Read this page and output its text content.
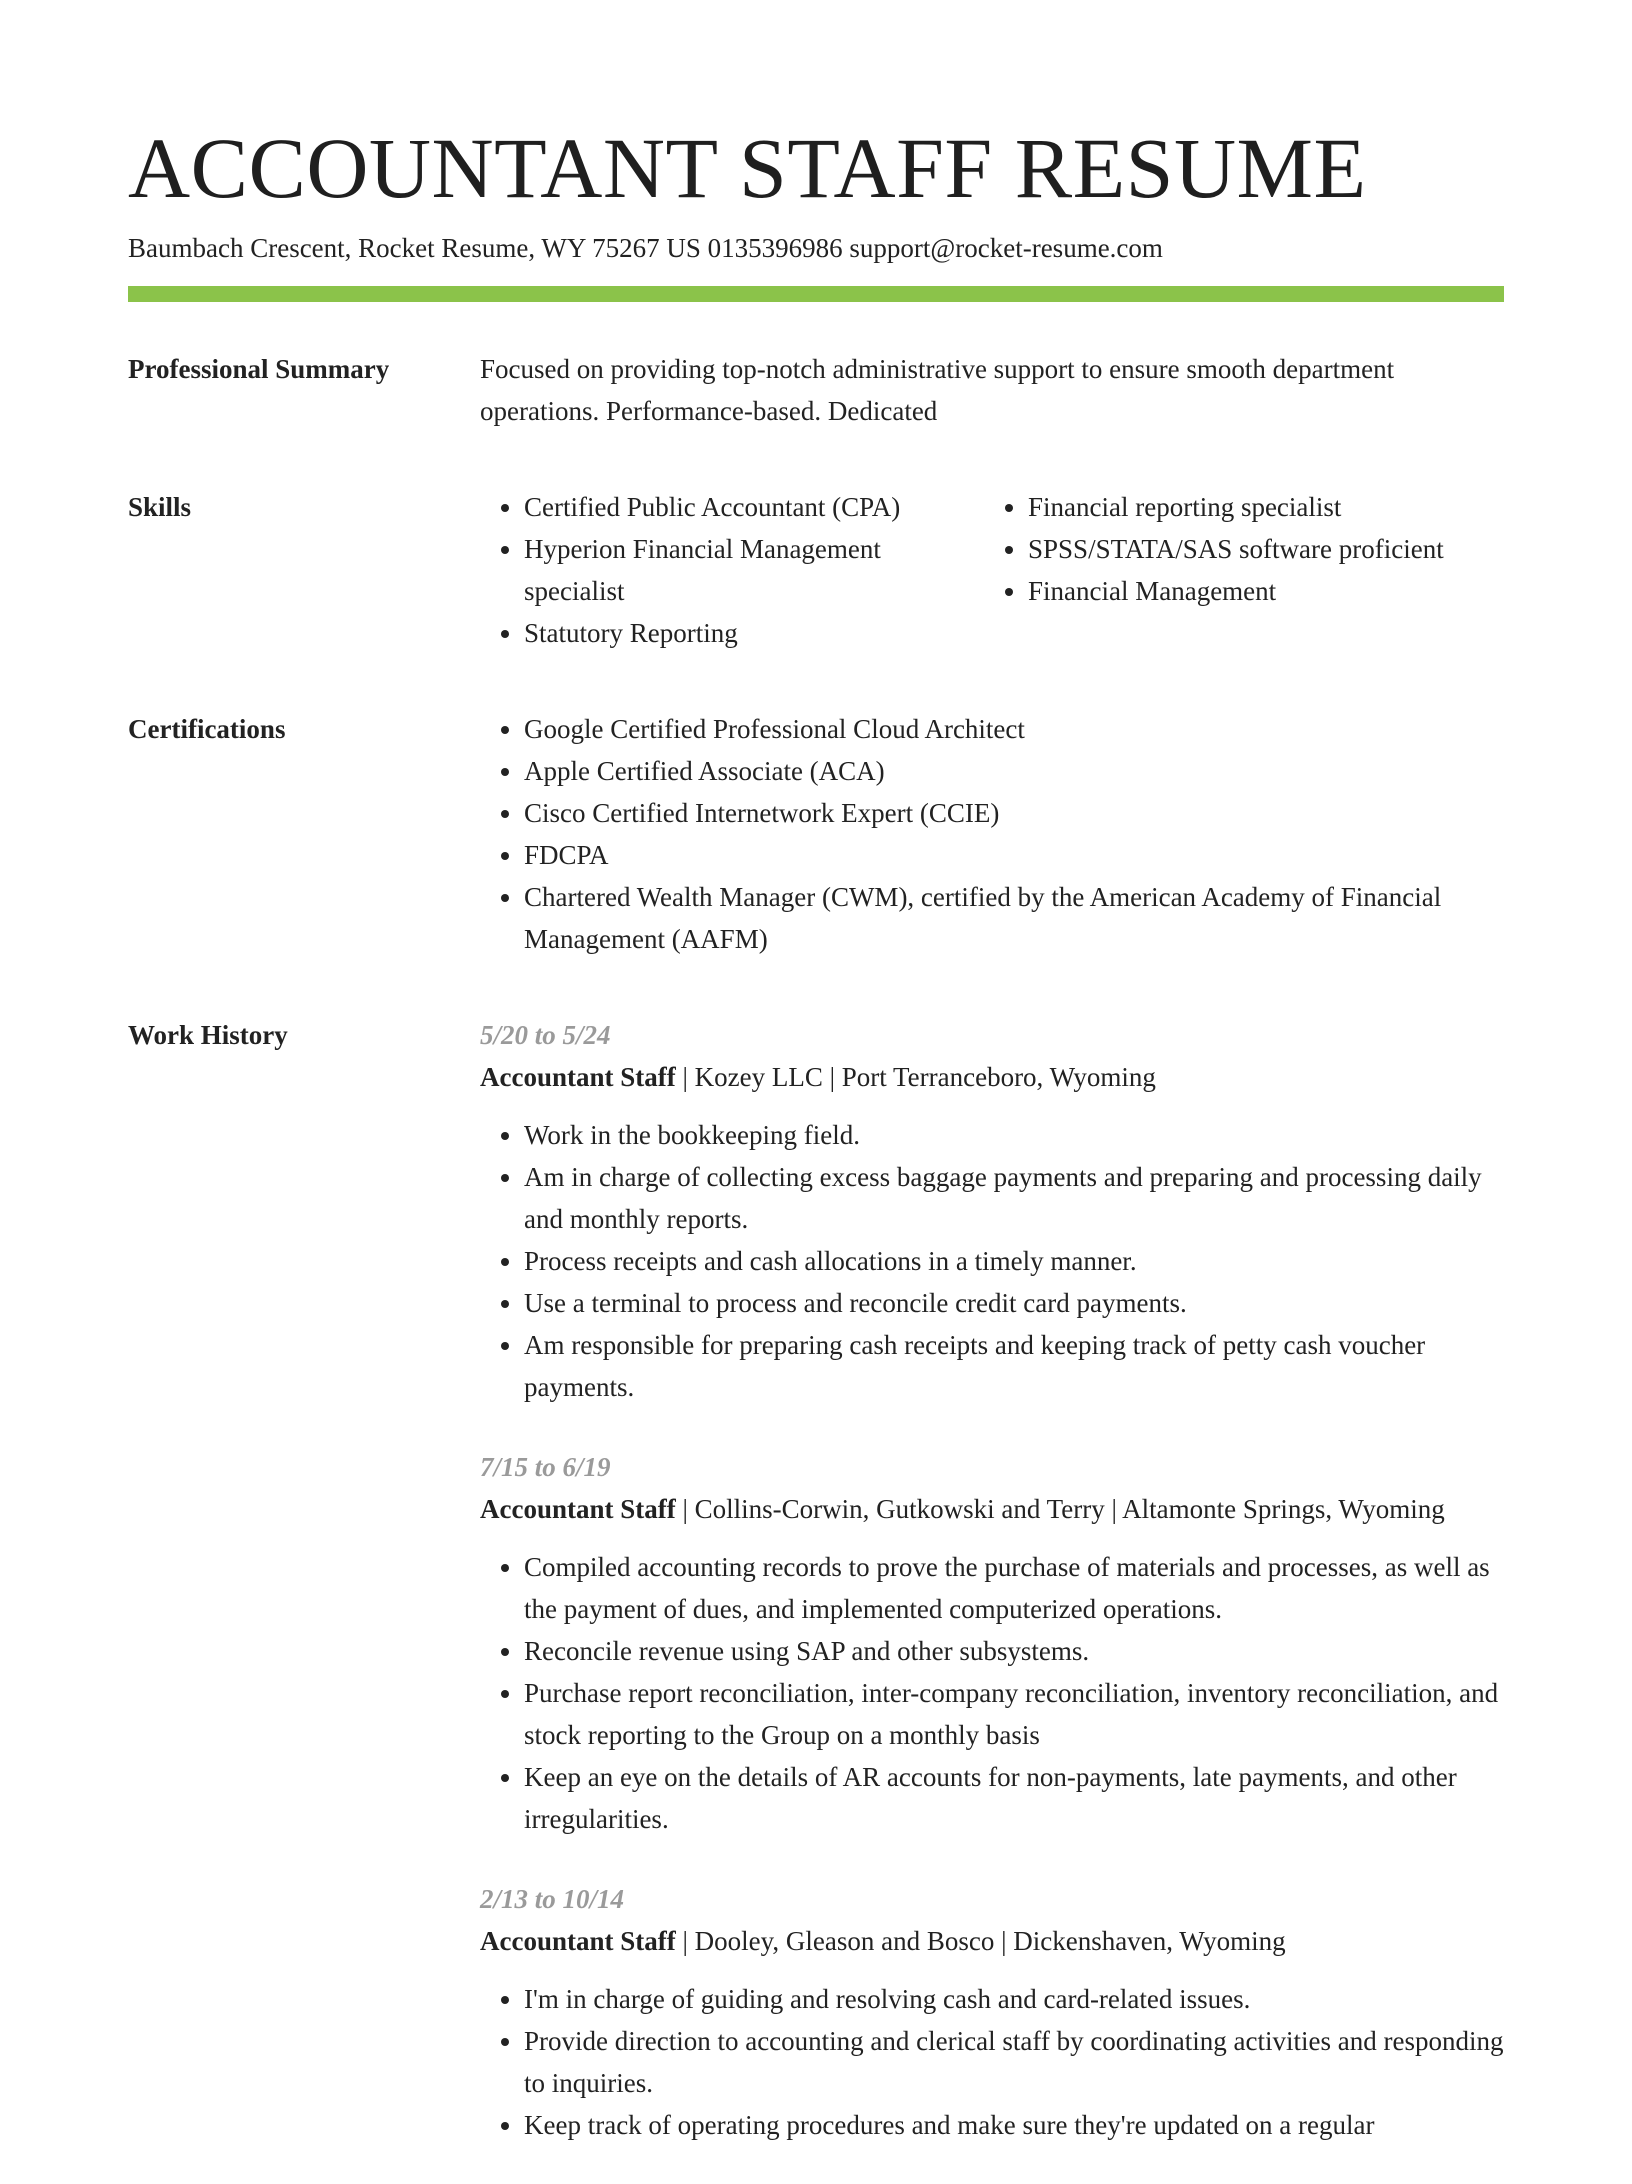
ACCOUNTANT STAFF RESUME
Baumbach Crescent, Rocket Resume, WY 75267 US 0135396986 support@rocket-resume.com
Professional Summary	Focused on providing top-notch administrative support to ensure smooth department operations. Performance-based. Dedicated
Skills	• Certified Public Accountant (CPA)
• Hyperion Financial Management specialist
• Statutory Reporting
• Financial reporting specialist
• SPSS/STATA/SAS software proficient
• Financial Management
Certifications	• Google Certified Professional Cloud Architect
• Apple Certified Associate (ACA)
• Cisco Certified Internetwork Expert (CCIE)
• FDCPA
• Chartered Wealth Manager (CWM), certified by the American Academy of Financial Management (AAFM)
Work History	5/20 to 5/24
Accountant Staff | Kozey LLC | Port Terranceboro, Wyoming
• Work in the bookkeeping field.
• Am in charge of collecting excess baggage payments and preparing and processing daily and monthly reports.
• Process receipts and cash allocations in a timely manner.
• Use a terminal to process and reconcile credit card payments.
• Am responsible for preparing cash receipts and keeping track of petty cash voucher payments.
7/15 to 6/19
Accountant Staff | Collins-Corwin, Gutkowski and Terry | Altamonte Springs, Wyoming
• Compiled accounting records to prove the purchase of materials and processes, as well as the payment of dues, and implemented computerized operations.
• Reconcile revenue using SAP and other subsystems.
• Purchase report reconciliation, inter-company reconciliation, inventory reconciliation, and stock reporting to the Group on a monthly basis
• Keep an eye on the details of AR accounts for non-payments, late payments, and other irregularities.
2/13 to 10/14
Accountant Staff | Dooley, Gleason and Bosco | Dickenshaven, Wyoming
• I'm in charge of guiding and resolving cash and card-related issues.
• Provide direction to accounting and clerical staff by coordinating activities and responding to inquiries.
• Keep track of operating procedures and make sure they're updated on a regular
